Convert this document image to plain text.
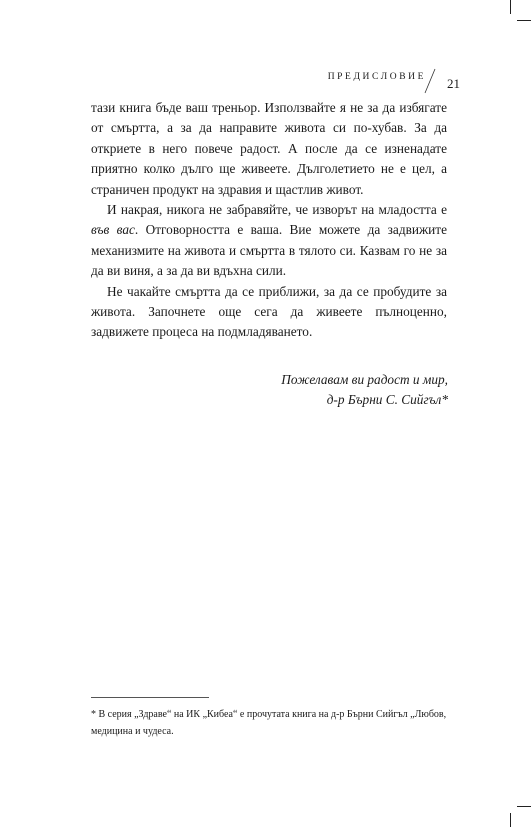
ПРЕДИСЛОВИЕ 21

тази книга бъде ваш треньор. Използвайте я не за да избягате от смъртта, а за да направите живота си по-хубав. За да откриете в него повече радост. А после да се изненадате приятно колко дълго ще живеете. Дълголетието не е цел, а страничен продукт на здравия и щастлив живот.

И накрая, никога не забравяйте, че изворът на младостта е във вас. Отговорността е ваша. Вие можете да задвижите механизмите на живота и смъртта в тялото си. Казвам го не за да ви виня, а за да ви вдъхна сили.

Не чакайте смъртта да се приближи, за да се пробудите за живота. Започнете още сега да живеете пълноценно, задвижете процеса на подмладяването.

Пожелавам ви радост и мир,
д-р Бърни С. Сийгъл*
* В серия „Здраве“ на ИК „Кибеа“ е прочутата книга на д-р Бърни Сийгъл „Любов, медицина и чудеса.
